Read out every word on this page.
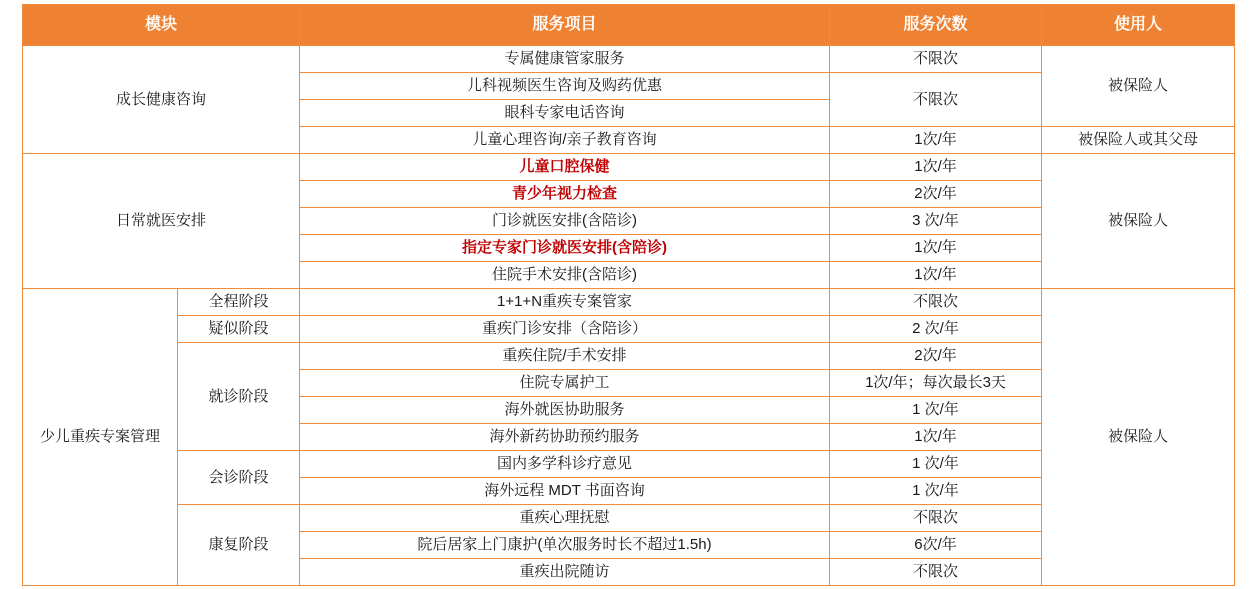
模块		服务项目	服务次数	使用人
成长健康咨询		专属健康管家服务	不限次	被保险人
		儿科视频医生咨询及购药优惠	不限次	
		眼科专家电话咨询		
		儿童心理咨询/亲子教育咨询	1次/年	被保险人或其父母
日常就医安排		儿童口腔保健	1次/年	被保险人
		青少年视力检查	2次/年	
		门诊就医安排(含陪诊)	3 次/年	
		指定专家门诊就医安排(含陪诊)	1次/年	
		住院手术安排(含陪诊)	1次/年	
少儿重疾专案管理	全程阶段	1+1+N重疾专案管家	不限次	被保险人
	疑似阶段	重疾门诊安排（含陪诊）	2 次/年	
	就诊阶段	重疾住院/手术安排	2次/年	
		住院专属护工	1次/年；每次最长3天	
		海外就医协助服务	1 次/年	
		海外新药协助预约服务	1次/年	
	会诊阶段	国内多学科诊疗意见	1 次/年	
		海外远程 MDT 书面咨询	1 次/年	
	康复阶段	重疾心理抚慰	不限次	
		院后居家上门康护(单次服务时长不超过1.5h)	6次/年	
		重疾出院随访	不限次	
